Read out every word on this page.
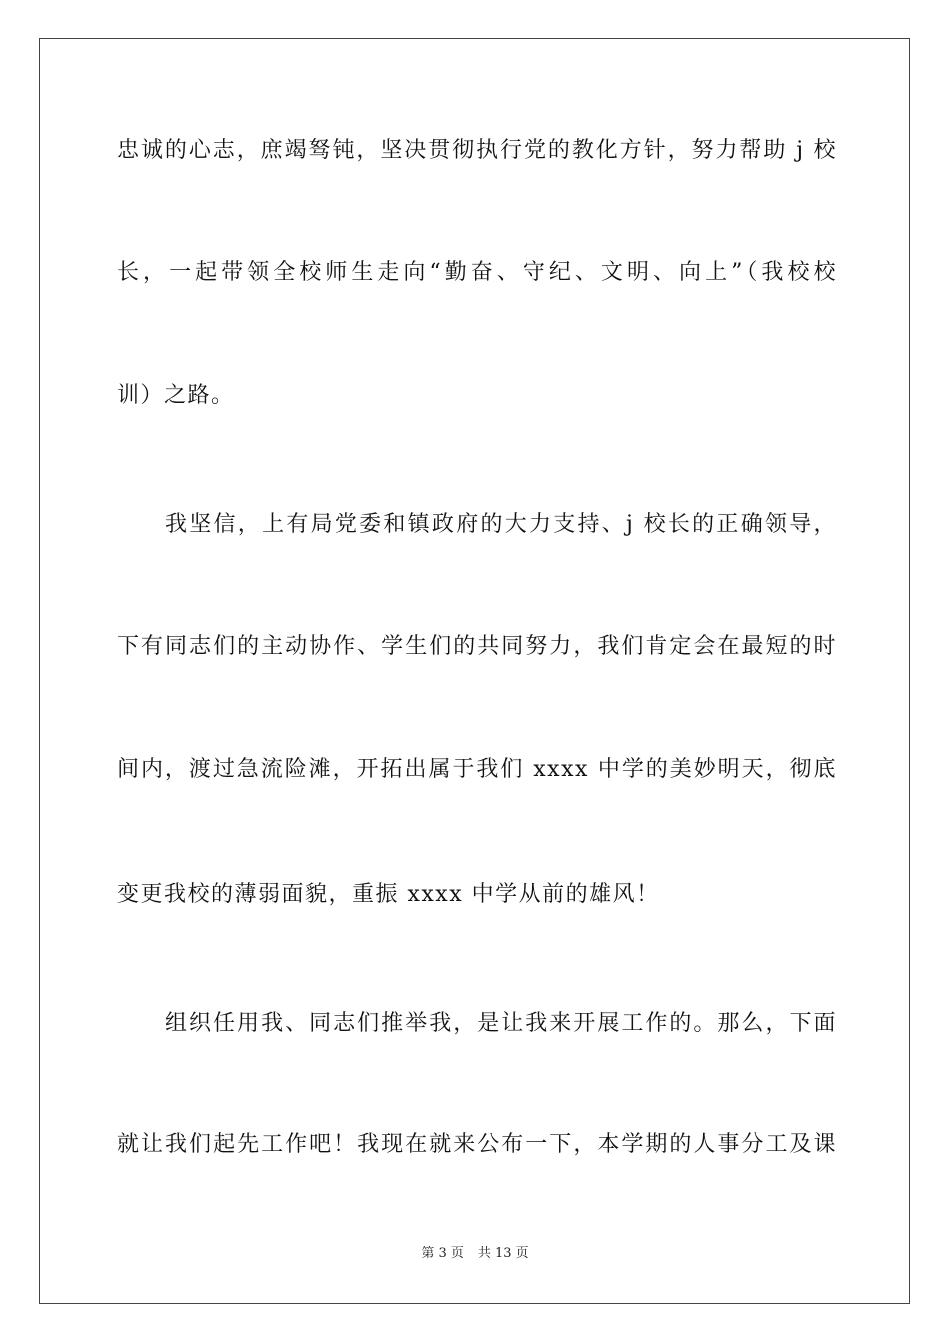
忠诚的心志，庶竭驽钝，坚决贯彻执行党的教化方针，努力帮助 j 校
长，一起带领全校师生走向“勤奋、守纪、文明、向上”（我校校
训）之路。
我坚信，上有局党委和镇政府的大力支持、j 校长的正确领导，
下有同志们的主动协作、学生们的共同努力，我们肯定会在最短的时
间内，渡过急流险滩，开拓出属于我们 xxxx 中学的美妙明天，彻底
变更我校的薄弱面貌，重振 xxxx 中学从前的雄风！
组织任用我、同志们推举我，是让我来开展工作的。那么，下面
就让我们起先工作吧！我现在就来公布一下，本学期的人事分工及课
第 3 页 共 13 页
